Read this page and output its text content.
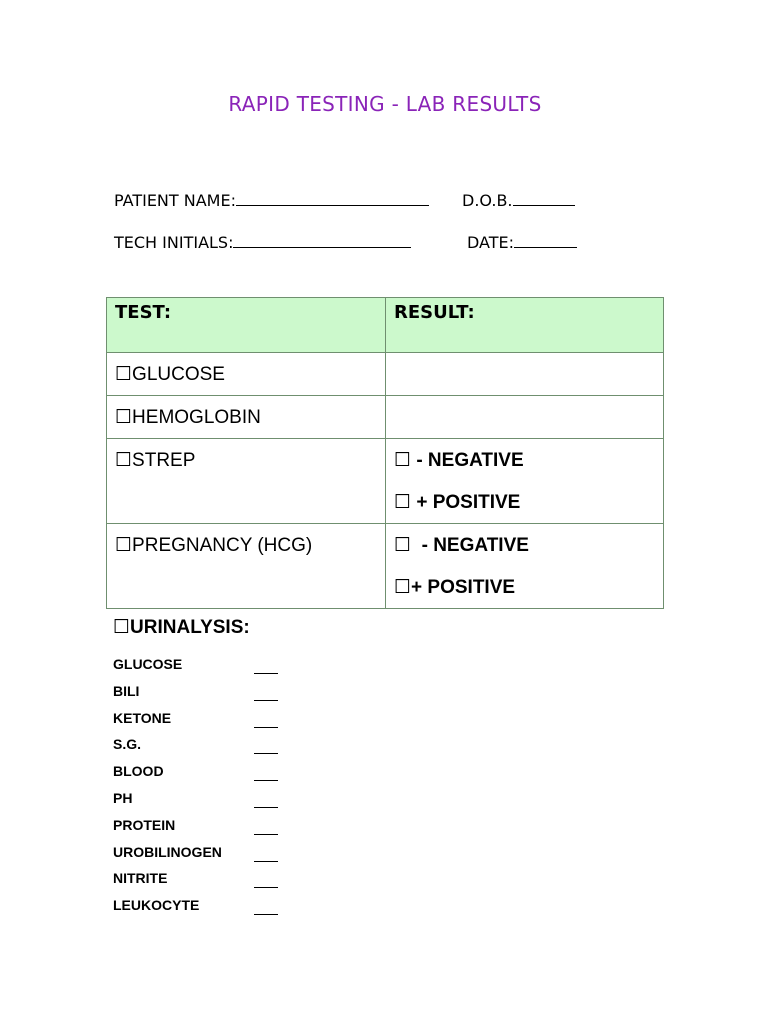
RAPID TESTING - LAB RESULTS
PATIENT NAME:	D.O.B.
TECH INITIALS:	DATE:
TEST:	RESULT:

☐GLUCOSE	

☐HEMOGLOBIN	

☐STREP	☐ - NEGATIVE
☐ + POSITIVE

☐PREGNANCY (HCG)	☐  - NEGATIVE
☐+ POSITIVE
☐URINALYSIS:
GLUCOSE
BILI
KETONE
S.G.
BLOOD
PH
PROTEIN
UROBILINOGEN
NITRITE
LEUKOCYTE
